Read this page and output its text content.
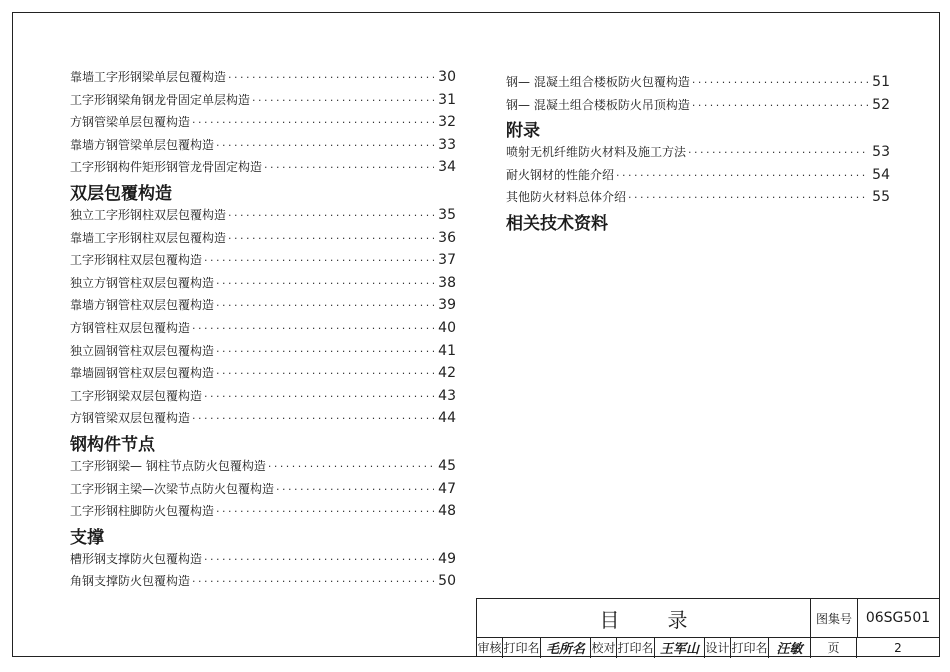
靠墙工字形钢梁单层包覆构造 · · ·	30
工字形钢梁角钢龙骨固定单层构造 · · ·	31
方钢管梁单层包覆构造 · · ·	32
靠墙方钢管梁单层包覆构造 · · ·	33
工字形钢构件矩形钢管龙骨固定构造 · · ·	34
双层包覆构造
独立工字形钢柱双层包覆构造 · · ·	35
靠墙工字形钢柱双层包覆构造 · · ·	36
工字形钢柱双层包覆构造 · · ·	37
独立方钢管柱双层包覆构造 · · ·	38
靠墙方钢管柱双层包覆构造 · · ·	39
方钢管柱双层包覆构造 · · ·	40
独立圆钢管柱双层包覆构造 · · ·	41
靠墙圆钢管柱双层包覆构造 · · ·	42
工字形钢梁双层包覆构造 · · ·	43
方钢管梁双层包覆构造 · · ·	44
钢构件节点
工字形钢梁— 钢柱节点防火包覆构造 · · ·	45
工字形钢主梁—次梁节点防火包覆构造 · · ·	47
工字形钢柱脚防火包覆构造 · · ·	48
支撑
槽形钢支撑防火包覆构造 · · ·	49
角钢支撑防火包覆构造 · · ·	50
钢— 混凝土组合楼板防火包覆构造 · · ·	51
钢— 混凝土组合楼板防火吊顶构造 · · ·	52
附录
喷射无机纤维防火材料及施工方法 · · ·	53
耐火钢材的性能介绍 · · ·	54
其他防火材料总体介绍 · · ·	55
相关技术资料
目录	图集号 06SG501
审核 打印名 毛所名 校对 打印名 王军山 设计 打印名 汪敏	页	2
